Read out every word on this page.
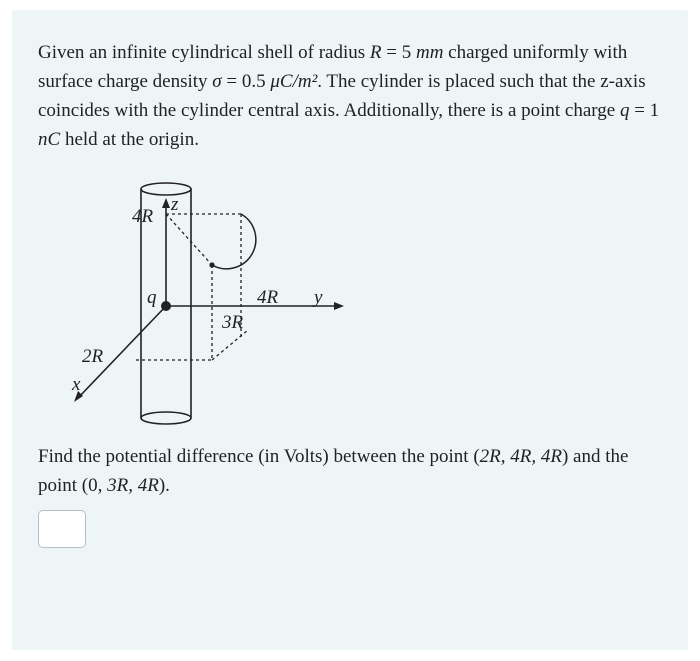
Given an infinite cylindrical shell of radius R = 5 mm charged uniformly with surface charge density σ = 0.5 μC/m². The cylinder is placed such that the z-axis coincides with the cylinder central axis. Additionally, there is a point charge q = 1 nC held at the origin.

4R
z
q	4R y
3R
2R
x

Find the potential difference (in Volts) between the point (2R, 4R, 4R) and the point (0, 3R, 4R).
